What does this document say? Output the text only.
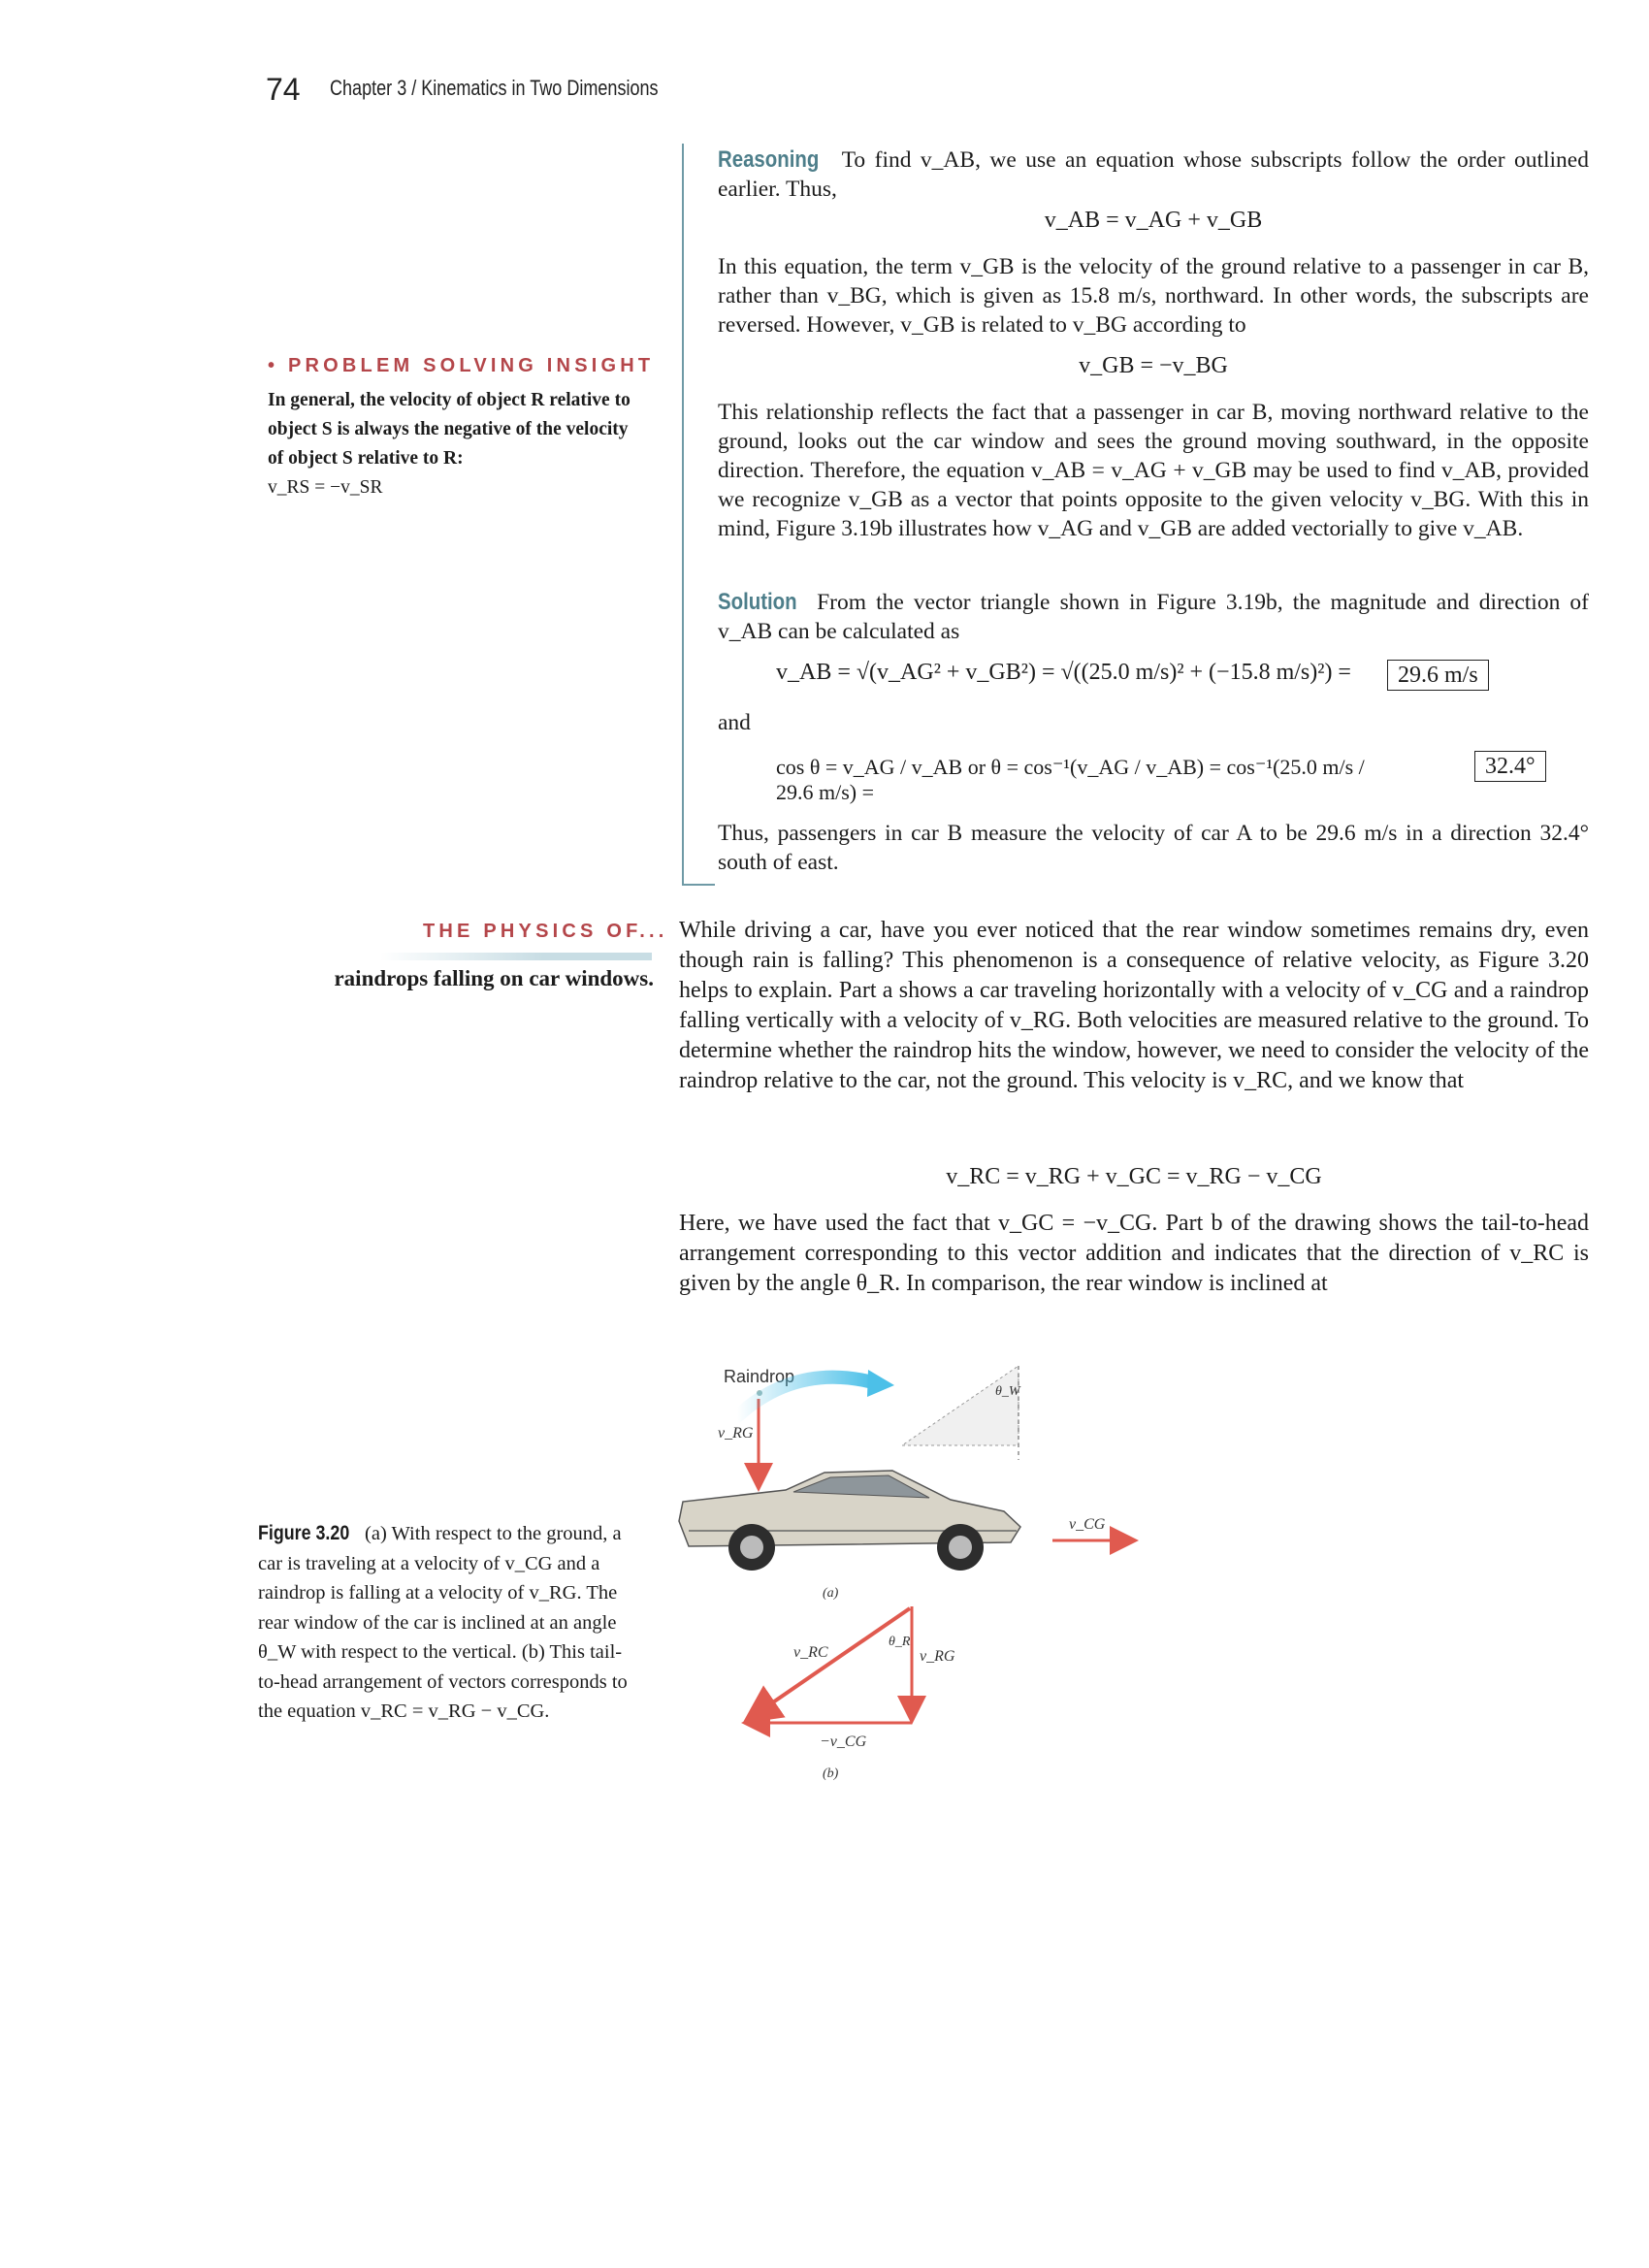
74 Chapter 3 / Kinematics in Two Dimensions
• PROBLEM SOLVING INSIGHT
In general, the velocity of object R relative to object S is always the negative of the velocity of object S relative to R:
v_RS = −v_SR
THE PHYSICS OF...
raindrops falling on car windows.
Reasoning To find v_AB, we use an equation whose subscripts follow the order outlined earlier. Thus,
v_AB = v_AG + v_GB
In this equation, the term v_GB is the velocity of the ground relative to a passenger in car B, rather than v_BG, which is given as 15.8 m/s, northward. In other words, the subscripts are reversed. However, v_GB is related to v_BG according to
v_GB = −v_BG
This relationship reflects the fact that a passenger in car B, moving northward relative to the ground, looks out the car window and sees the ground moving southward, in the opposite direction. Therefore, the equation v_AB = v_AG + v_GB may be used to find v_AB, provided we recognize v_GB as a vector that points opposite to the given velocity v_BG. With this in mind, Figure 3.19b illustrates how v_AG and v_GB are added vectorially to give v_AB.
Solution From the vector triangle shown in Figure 3.19b, the magnitude and direction of v_AB can be calculated as
v_AB = √(v_AG² + v_GB²) = √((25.0 m/s)² + (−15.8 m/s)²) =	29.6 m/s
and
cos θ = v_AG / v_AB or θ = cos⁻¹(v_AG / v_AB) = cos⁻¹(25.0 m/s / 29.6 m/s) =
32.4°
Thus, passengers in car B measure the velocity of car A to be 29.6 m/s in a direction 32.4° south of east.
While driving a car, have you ever noticed that the rear window sometimes remains dry, even though rain is falling? This phenomenon is a consequence of relative velocity, as Figure 3.20 helps to explain. Part a shows a car traveling horizontally with a velocity of v_CG and a raindrop falling vertically with a velocity of v_RG. Both velocities are measured relative to the ground. To determine whether the raindrop hits the window, however, we need to consider the velocity of the raindrop relative to the car, not the ground. This velocity is v_RC, and we know that
v_RC = v_RG + v_GC = v_RG − v_CG
Here, we have used the fact that v_GC = −v_CG. Part b of the drawing shows the tail-to-head arrangement corresponding to this vector addition and indicates that the direction of v_RC is given by the angle θ_R. In comparison, the rear window is inclined at
Raindrop
v_RG
θ_W
v_CG
(a)
v_RC
θ_R
v_RG
−v_CG
(b)
Figure 3.20 (a) With respect to the ground, a car is traveling at a velocity of v_CG and a raindrop is falling at a velocity of v_RG. The rear window of the car is inclined at an angle θ_W with respect to the vertical. (b) This tail-to-head arrangement of vectors corresponds to the equation v_RC = v_RG − v_CG.
